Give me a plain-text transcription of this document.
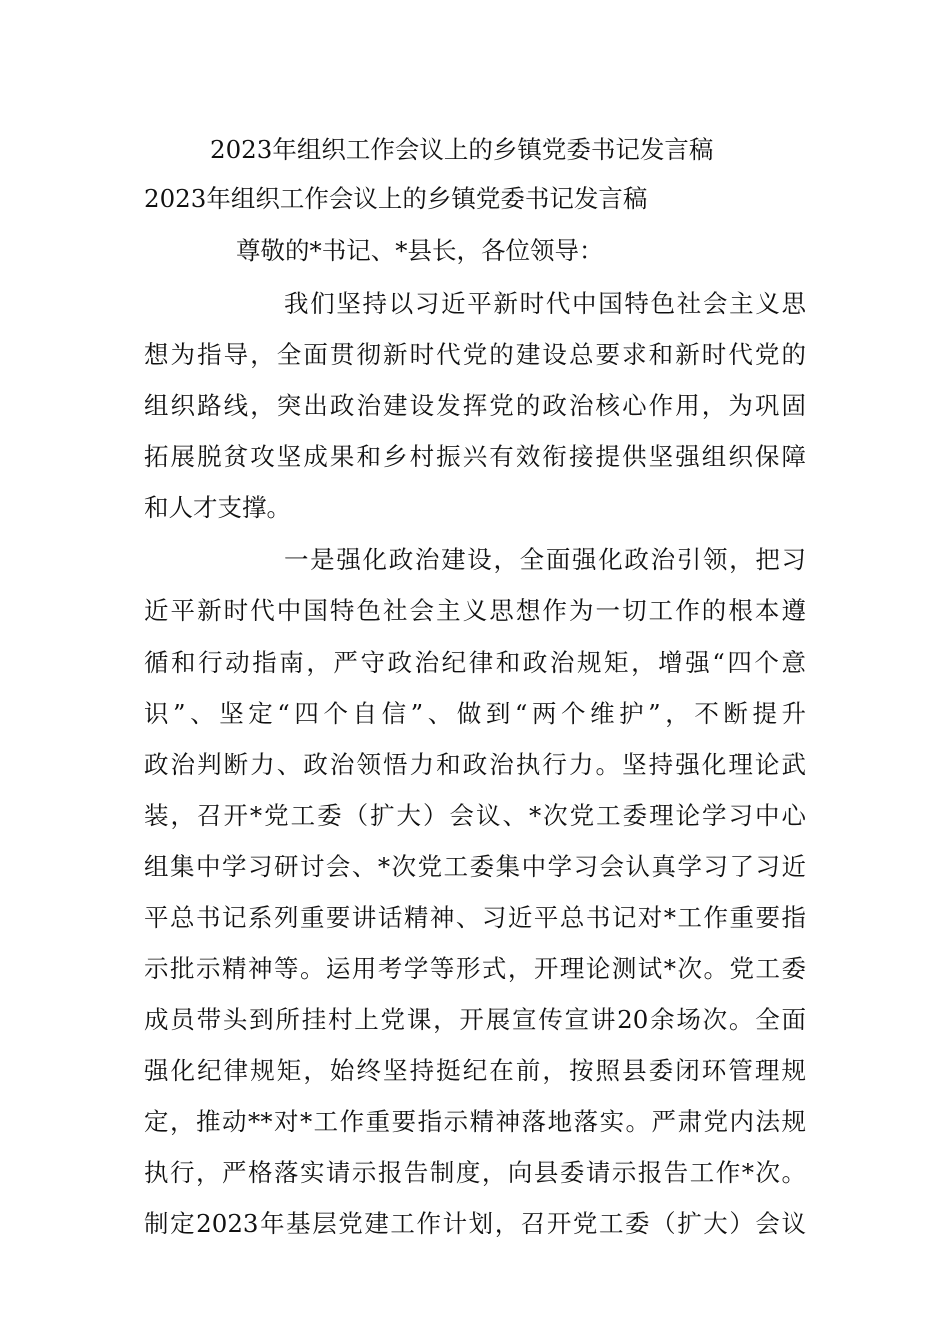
2023年组织工作会议上的乡镇党委书记发言稿
2023年组织工作会议上的乡镇党委书记发言稿
尊敬的*书记、*县长，各位领导：
我们坚持以习近平新时代中国特色社会主义思
想为指导，全面贯彻新时代党的建设总要求和新时代党的
组织路线，突出政治建设发挥党的政治核心作用，为巩固
拓展脱贫攻坚成果和乡村振兴有效衔接提供坚强组织保障
和人才支撑。
一是强化政治建设，全面强化政治引领，把习
近平新时代中国特色社会主义思想作为一切工作的根本遵
循和行动指南，严守政治纪律和政治规矩，增强“四个意
识”、坚定“四个自信”、做到“两个维护”，不断提升
政治判断力、政治领悟力和政治执行力。坚持强化理论武
装，召开*党工委（扩大）会议、*次党工委理论学习中心
组集中学习研讨会、*次党工委集中学习会认真学习了习近
平总书记系列重要讲话精神、习近平总书记对*工作重要指
示批示精神等。运用考学等形式，开理论测试*次。党工委
成员带头到所挂村上党课，开展宣传宣讲20余场次。全面
强化纪律规矩，始终坚持挺纪在前，按照县委闭环管理规
定，推动**对*工作重要指示精神落地落实。严肃党内法规
执行，严格落实请示报告制度，向县委请示报告工作*次。
制定2023年基层党建工作计划，召开党工委（扩大）会议
